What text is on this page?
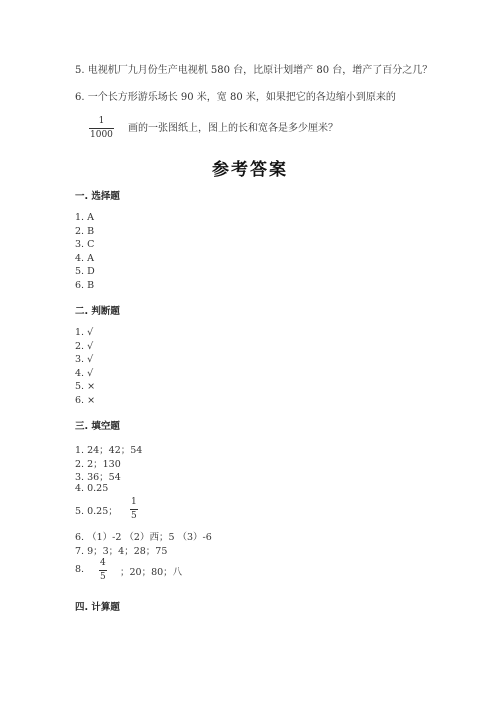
5. 电视机厂九月份生产电视机 580 台，比原计划增产 80 台，增产了百分之几？
6. 一个长方形游乐场长 90 米，宽 80 米，如果把它的各边缩小到原来的
1
1000
画的一张图纸上，图上的长和宽各是多少厘米？
参考答案
一. 选择题
1. A
2. B
3. C
4. A
5. D
6. B
二. 判断题
1. √
2. √
3. √
4. √
5. ×
6. ×
三. 填空题
1. 24；42；54
2. 2；130
3. 36；54
4. 0.25
5. 0.25；
1
5
6. （1）-2 （2）西；5 （3）-6
7. 9；3；4；28；75
8.
4
5 ；20；80；八
四. 计算题
